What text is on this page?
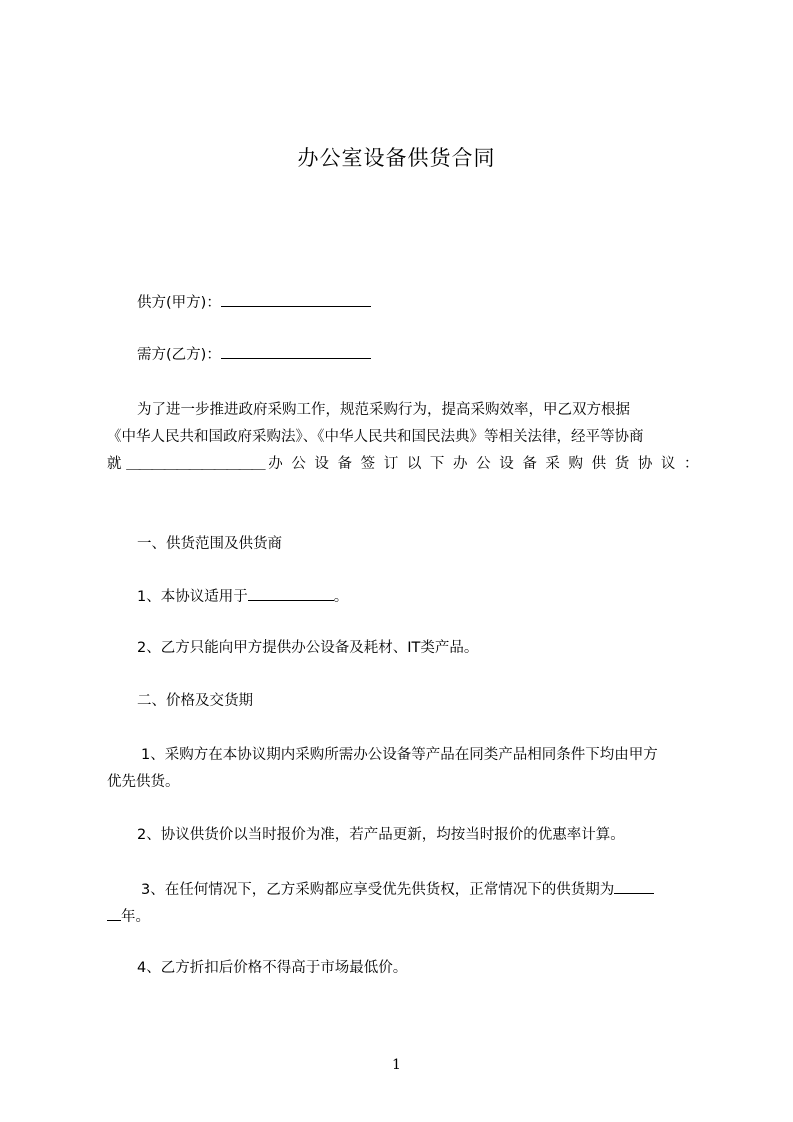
办公室设备供货合同
供方(甲方)：
需方(乙方)：
为了进一步推进政府采购工作，规范采购行为，提高采购效率，甲乙双方根据
《中华人民共和国政府采购法》、《中华人民共和国民法典》等相关法律，经平等协商
就 ＿＿＿＿＿＿＿＿＿＿＿ 办公设备签订以下办公设备采购供货协议：
一、供货范围及供货商
1、本协议适用于	。
2、乙方只能向甲方提供办公设备及耗材、IT类产品。
二、价格及交货期
1、采购方在本协议期内采购所需办公设备等产品在同类产品相同条件下均由甲方
优先供货。
2、协议供货价以当时报价为准，若产品更新，均按当时报价的优惠率计算。
3、在任何情况下，乙方采购都应享受优先供货权，正常情况下的供货期为
年。
4、乙方折扣后价格不得高于市场最低价。
1
